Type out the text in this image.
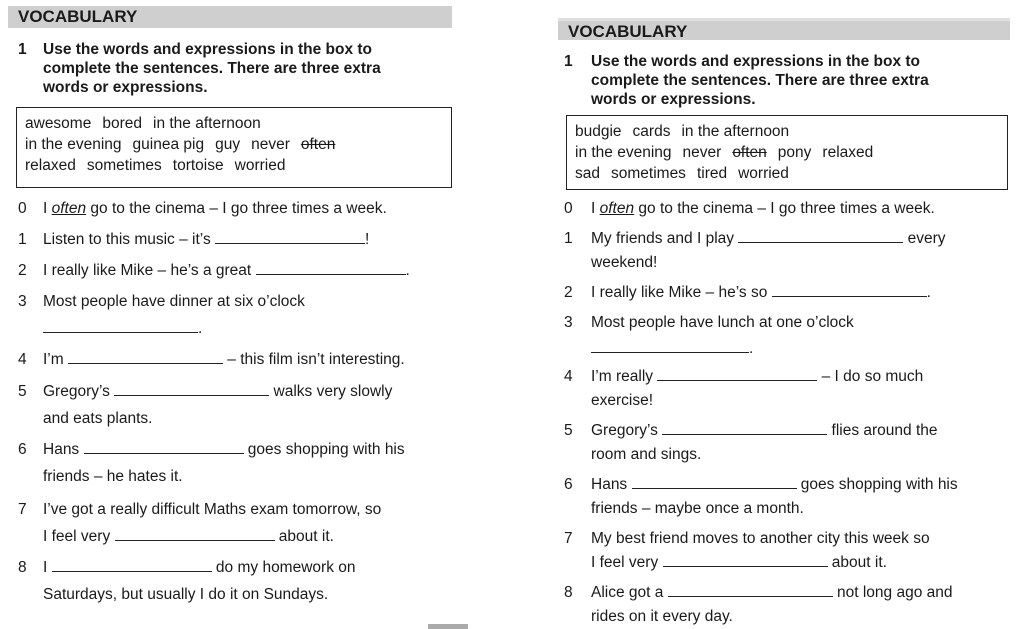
VOCABULARY
1 Use the words and expressions in the box to
complete the sentences. There are three extra
words or expressions.
awesome bored in the afternoon
in the evening guinea pig guy never often
relaxed sometimes tortoise worried
0 I often go to the cinema – I go three times a week.
1 Listen to this music – it’s	!
2 I really like Mike – he’s a great	.
3 Most people have dinner at six o’clock
.
4 I’m	– this film isn’t interesting.
5 Gregory’s	walks very slowly
and eats plants.
6 Hans	goes shopping with his
friends – he hates it.
7 I’ve got a really difficult Maths exam tomorrow, so
I feel very	about it.
8 I	do my homework on
Saturdays, but usually I do it on Sundays.
VOCABULARY
1 Use the words and expressions in the box to
complete the sentences. There are three extra
words or expressions.
budgie cards in the afternoon
in the evening never often pony relaxed
sad sometimes tired worried
0 I often go to the cinema – I go three times a week.
1 My friends and I play	every
weekend!
2 I really like Mike – he’s so	.
3 Most people have lunch at one o’clock
.
4 I’m really	– I do so much
exercise!
5 Gregory’s	flies around the
room and sings.
6 Hans	goes shopping with his
friends – maybe once a month.
7 My best friend moves to another city this week so
I feel very	about it.
8 Alice got a	not long ago and
rides on it every day.
